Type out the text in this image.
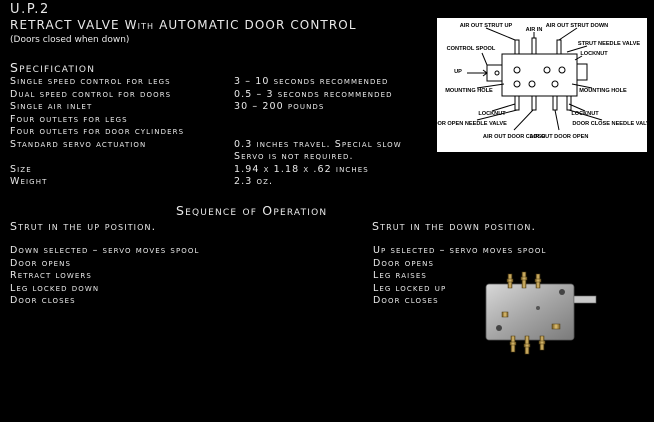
U.P.2
RETRACT VALVE With AUTOMATIC DOOR CONTROL
(Doors closed when down)
Specification
Single speed control for legs	3 – 10 seconds recommended
Dual speed control for doors	0.5 – 3 seconds recommended
Single air inlet	30 – 200 pounds
Four outlets for legs
Four outlets for door cylinders
Standard servo actuation	0.3 inches travel. Special slow
Servo is not required.
Size	1.94 x 1.18 x .62 inches
Weight	2.3 oz.
AIR OUT STRUT UP
AIR IN
AIR OUT STRUT DOWN
STRUT NEEDLE VALVE
CONTROL SPOOL
LOCKNUT
UP
MOUNTING HOLE	MOUNTING HOLE
LOCKNUT	LOCKNUT
DOOR OPEN NEEDLE VALVE	DOOR CLOSE NEEDLE VALVE
AIR OUT DOOR CLOSE
AIR OUT DOOR OPEN
Sequence of Operation
Strut in the up position.	Strut in the down position.
Down selected – servo moves spool
Door opens
Retract lowers
Leg locked down
Door closes
Up selected – servo moves spool
Door opens
Leg raises
Leg locked up
Door closes
